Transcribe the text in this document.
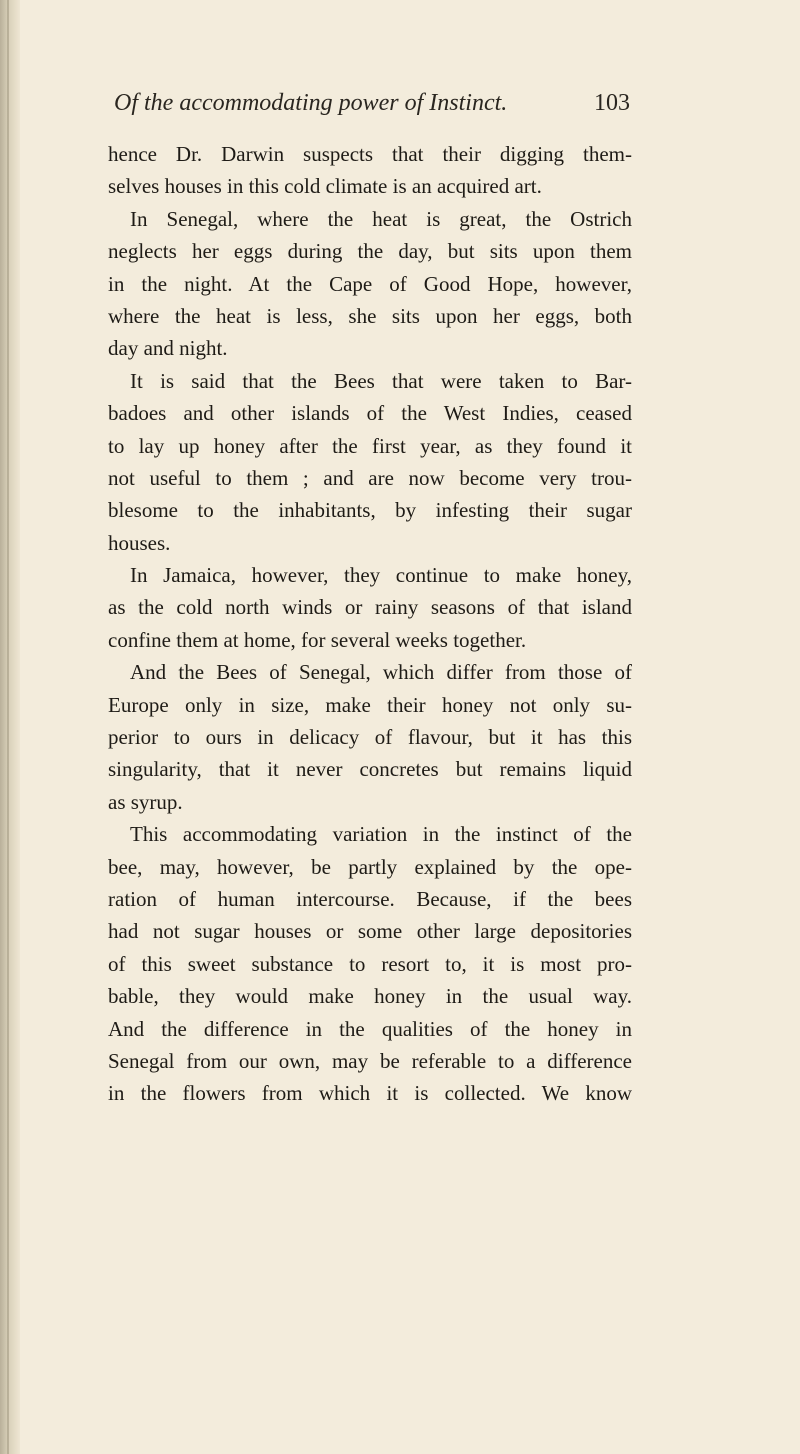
Of the accommodating power of Instinct.	103
hence Dr. Darwin suspects that their digging them-
selves houses in this cold climate is an acquired art.
In Senegal, where the heat is great, the Ostrich
neglects her eggs during the day, but sits upon them
in the night. At the Cape of Good Hope, however,
where the heat is less, she sits upon her eggs, both
day and night.
It is said that the Bees that were taken to Bar-
badoes and other islands of the West Indies, ceased
to lay up honey after the first year, as they found it
not useful to them ; and are now become very trou-
blesome to the inhabitants, by infesting their sugar
houses.
In Jamaica, however, they continue to make honey,
as the cold north winds or rainy seasons of that island
confine them at home, for several weeks together.
And the Bees of Senegal, which differ from those of
Europe only in size, make their honey not only su-
perior to ours in delicacy of flavour, but it has this
singularity, that it never concretes but remains liquid
as syrup.
This accommodating variation in the instinct of the
bee, may, however, be partly explained by the ope-
ration of human intercourse. Because, if the bees
had not sugar houses or some other large depositories
of this sweet substance to resort to, it is most pro-
bable, they would make honey in the usual way.
And the difference in the qualities of the honey in
Senegal from our own, may be referable to a difference
in the flowers from which it is collected. We know
